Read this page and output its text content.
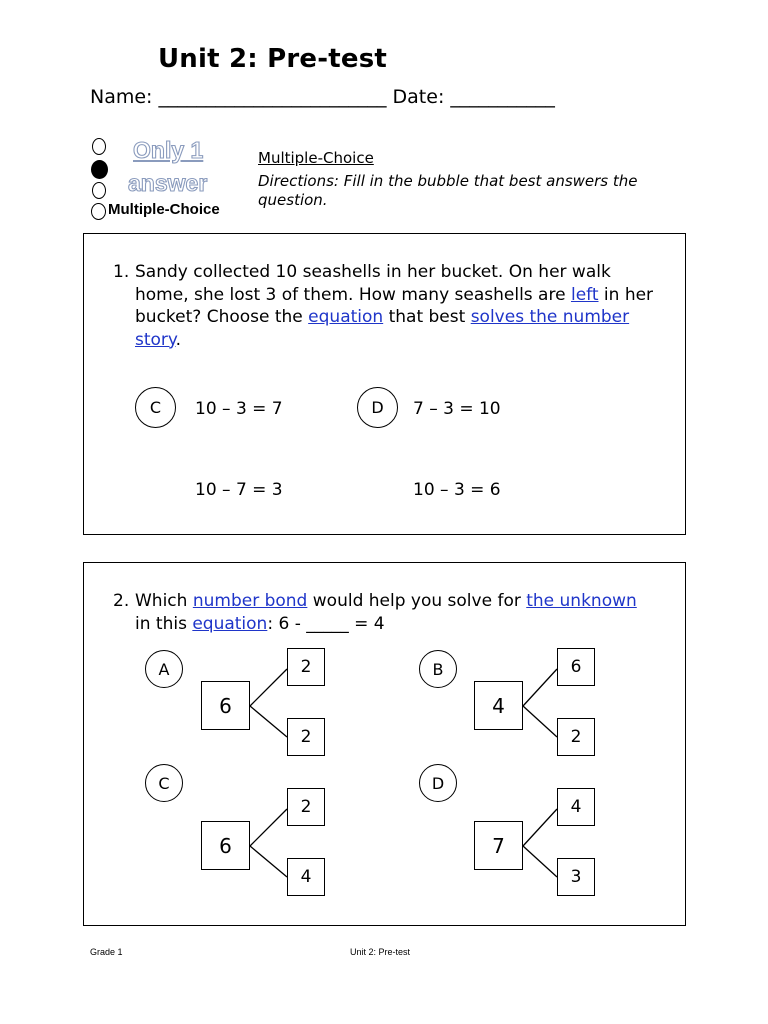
Unit 2: Pre-test
Name: ________________________ Date: ___________
Only 1
answer
Multiple-Choice
Multiple-Choice
Directions: Fill in the bubble that best answers the question.
1. Sandy collected 10 seashells in her bucket. On her walk
home, she lost 3 of them. How many seashells are left in her
bucket? Choose the equation that best solves the number
story.
C	10 – 3 = 7	D	7 – 3 = 10
10 – 7 = 3	10 – 3 = 6
2. Which number bond would help you solve for the unknown
in this equation: 6 - _____ = 4
A
6
2
2
B
4
6
2
C
6
2
4
D
7
4
3
Grade 1	Unit 2: Pre-test
